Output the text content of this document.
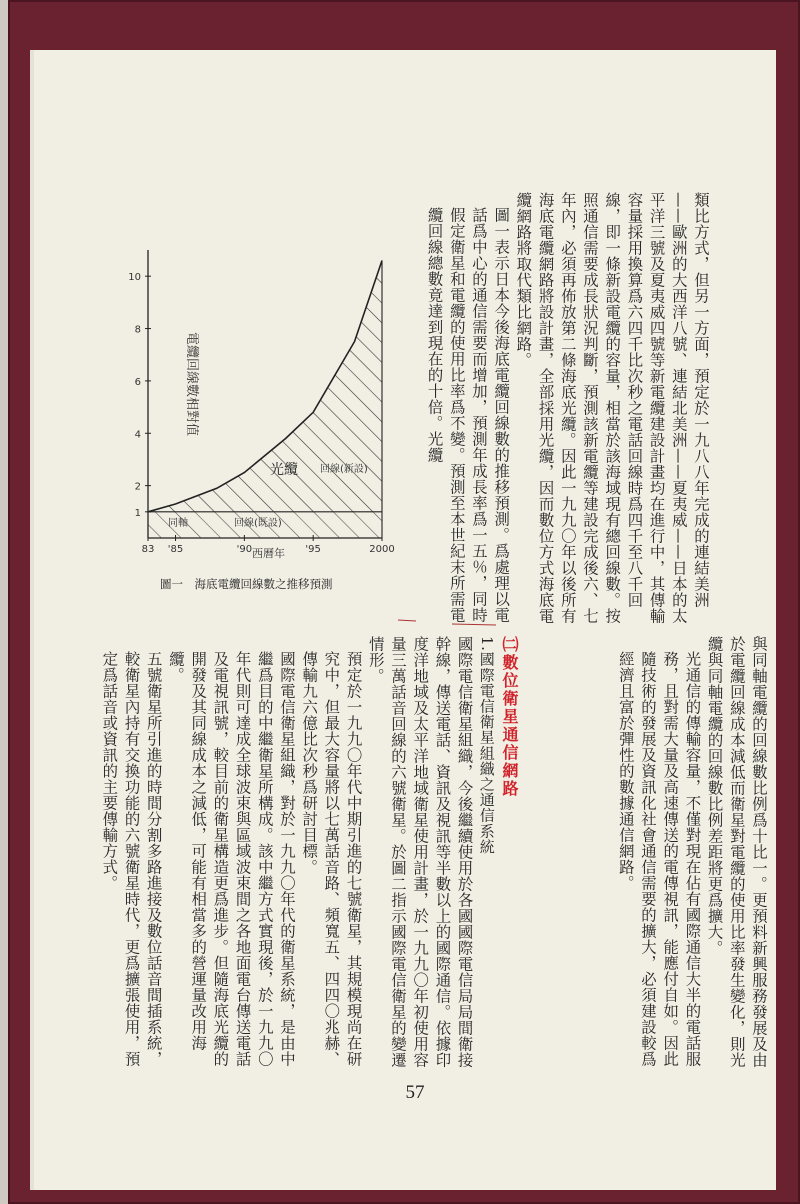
類比方式，但另一方面，預定於一九八八年完成的連結美洲——歐洲的大西洋八號、連結北美洲——夏夷威——日本的太平洋三號及夏夷威四號等新電纜建設計畫均在進行中，其傳輸容量採用換算爲六四千比次秒之電話回線時爲四千至八千回線，即一條新設電纜的容量，相當於該海域現有總回線數。按照通信需要成長狀況判斷，預測該新電纜等建設完成後六、七年內，必須再佈放第二條海底光纜。因此一九九〇年以後所有海底電纜網路將設計畫，全部採用光纜，因而數位方式海底電纜網路將取代類比網路。

圖一表示日本今後海底電纜回線數的推移預測。爲處理以電話爲中心的通信需要而增加，預測年成長率爲一五％，同時假定衛星和電纜的使用比率爲不變。預測至本世紀末所需電纜回線總數竟達到現在的十倍。光纜

與同軸電纜的回線數比例爲十比一。更預料新興服務發展及由於電纜回線成本減低而衛星對電纜的使用比率發生變化，則光纜與同軸電纜的回線數比例差距將更爲擴大。

光通信的傳輸容量，不僅對現在佔有國際通信大半的電話服務，且對需大量及高速傳送的電傳視訊，能應付自如。因此隨技術的發展及資訊化社會通信需要的擴大，必須建設較爲經濟且富於彈性的數據通信網路。

㈡數位衛星通信網路

1.國際電信衛星組織之通信系統

國際電信衛星組織，今後繼續使用於各國國際電信局局間衛接幹線，傳送電話、資訊及視訊等半數以上的國際通信。依據印度洋地域及太平洋地域衛星使用計畫，於一九九〇年初使用容量三萬話音回線的六號衛星。於圖二指示國際電信衛星的變遷情形。

預定於一九九〇年代中期引進的七號衛星，其規模現尚在研究中，但最大容量將以七萬話音路、頻寬五、四四〇兆赫、傳輸九六億比次秒爲研討目標。

國際電信衛星組織，對於一九九〇年代的衛星系統，是由中繼爲目的中繼衛星所構成。該中繼方式實現後，於一九九〇年代則可達成全球波束與區域波束間之各地面電台傳送電話及電視訊號，較目前的衛星構造更爲進步。但隨海底光纜的開發及其同線成本之減低，可能有相當多的營運量改用海纜。

五號衛星所引進的時間分割多路進接及數位話音間插系統，較衛星內持有交換功能的六號衛星時代，更爲擴張使用，預定爲話音或資訊的主要傳輸方式。

1
2
4
6
8
10
83 '85	'90	'95	2000
電纜回線數相對值
西曆年
光纜 回線(新設)
同軸	回線(既設)
圖一　海底電纜回線數之推移預測
57
